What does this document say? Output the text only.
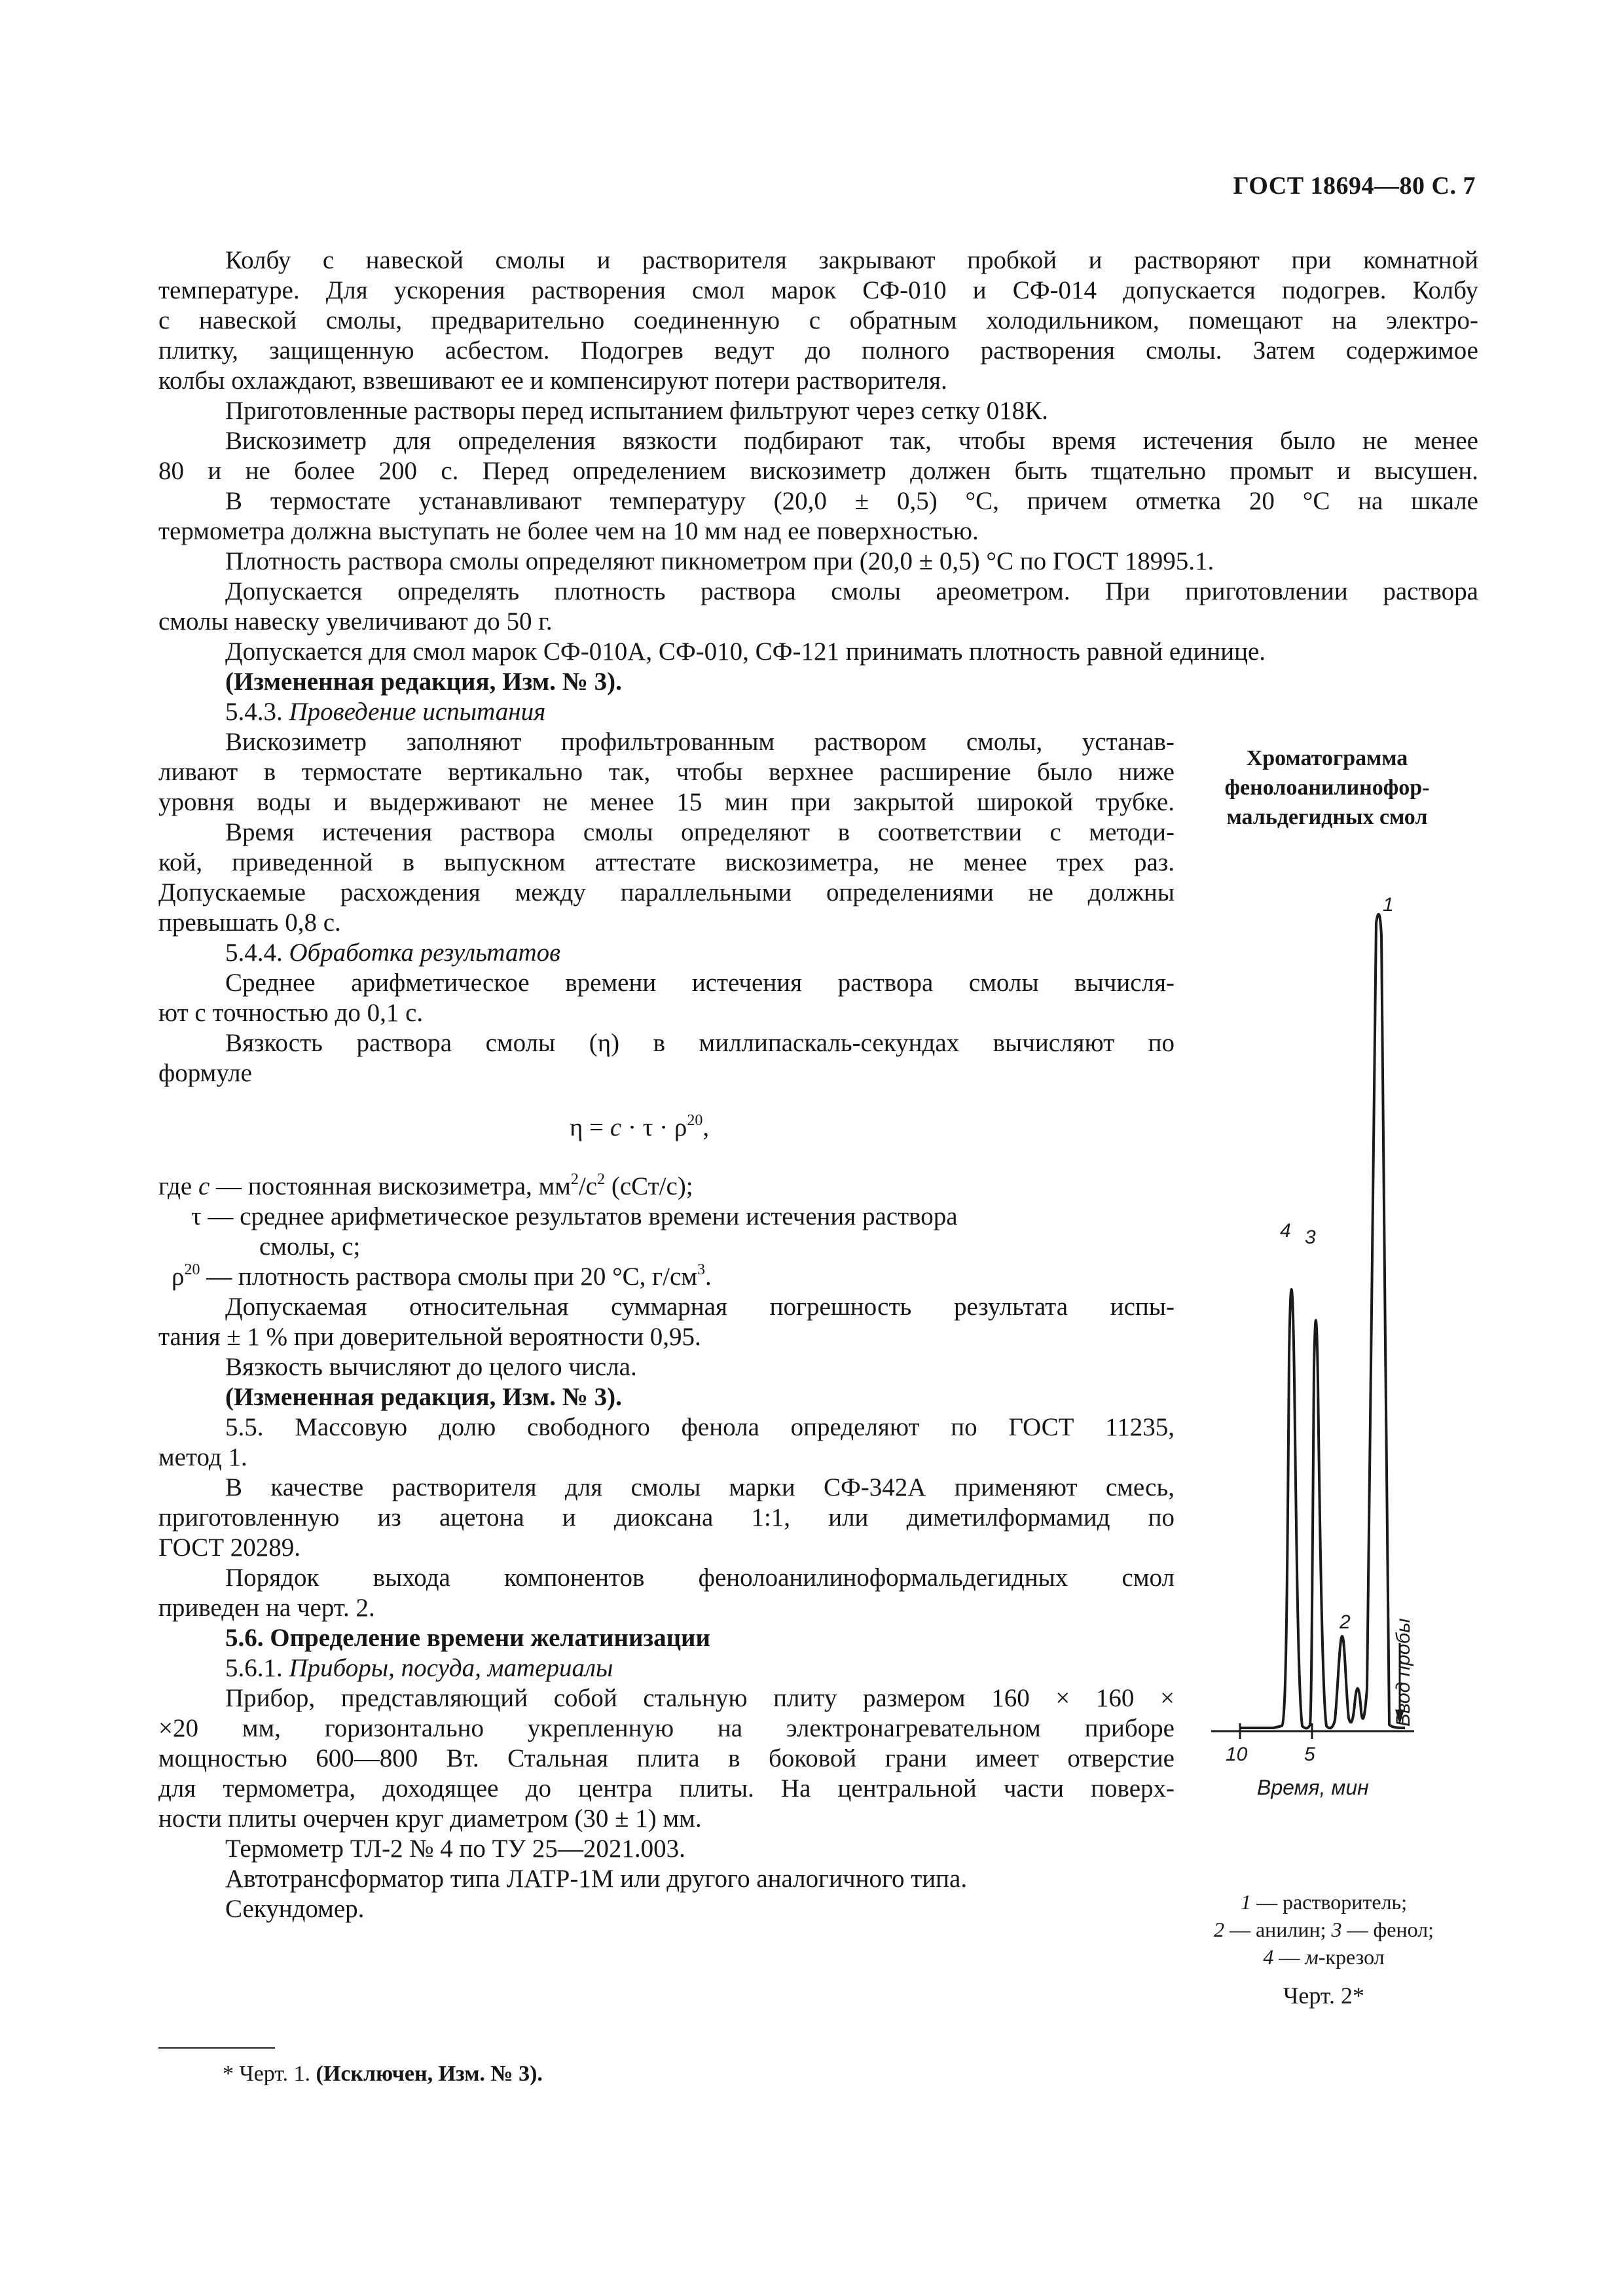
ГОСТ 18694—80 С. 7
Колбу с навеской смолы и растворителя закрывают пробкой и растворяют при комнатной
температуре. Для ускорения растворения смол марок СФ-010 и СФ-014 допускается подогрев. Колбу
с навеской смолы, предварительно соединенную с обратным холодильником, помещают на электро-
плитку, защищенную асбестом. Подогрев ведут до полного растворения смолы. Затем содержимое
колбы охлаждают, взвешивают ее и компенсируют потери растворителя.
Приготовленные растворы перед испытанием фильтруют через сетку 018К.
Вискозиметр для определения вязкости подбирают так, чтобы время истечения было не менее
80 и не более 200 с. Перед определением вискозиметр должен быть тщательно промыт и высушен.
В термостате устанавливают температуру (20,0 ± 0,5) °С, причем отметка 20 °С на шкале
термометра должна выступать не более чем на 10 мм над ее поверхностью.
Плотность раствора смолы определяют пикнометром при (20,0 ± 0,5) °С по ГОСТ 18995.1.
Допускается определять плотность раствора смолы ареометром. При приготовлении раствора
смолы навеску увеличивают до 50 г.
Допускается для смол марок СФ-010А, СФ-010, СФ-121 принимать плотность равной единице.
(Измененная редакция, Изм. № 3).
5.4.3. Проведение испытания
Вискозиметр заполняют профильтрованным раствором смолы, устанав-
ливают в термостате вертикально так, чтобы верхнее расширение было ниже
уровня воды и выдерживают не менее 15 мин при закрытой широкой трубке.
Время истечения раствора смолы определяют в соответствии с методи-
кой, приведенной в выпускном аттестате вискозиметра, не менее трех раз.
Допускаемые расхождения между параллельными определениями не должны
превышать 0,8 с.
5.4.4. Обработка результатов
Среднее арифметическое времени истечения раствора смолы вычисля-
ют с точностью до 0,1 с.
Вязкость раствора смолы (η) в миллипаскаль-секундах вычисляют по
формуле
$\eta = c \cdot \tau \cdot \rho^{20}$,
где c — постоянная вискозиметра, $мм^2/с^2$ (сСт/с);
τ — среднее арифметическое результатов времени истечения раствора
смолы, с;
$\rho^{20}$ — плотность раствора смолы при 20 °С, $г/см^3$.
Допускаемая относительная суммарная погрешность результата испы-
тания ± 1 % при доверительной вероятности 0,95.
Вязкость вычисляют до целого числа.
(Измененная редакция, Изм. № 3).
5.5. Массовую долю свободного фенола определяют по ГОСТ 11235,
метод 1.
В качестве растворителя для смолы марки СФ-342А применяют смесь,
приготовленную из ацетона и диоксана 1:1, или диметилформамид по
ГОСТ 20289.
Порядок выхода компонентов фенолоанилиноформальдегидных смол
приведен на черт. 2.
5.6. Определение времени желатинизации
5.6.1. Приборы, посуда, материалы
Прибор, представляющий собой стальную плиту размером 160 × 160 ×
×20 мм, горизонтально укрепленную на электронагревательном приборе
мощностью 600—800 Вт. Стальная плита в боковой грани имеет отверстие
для термометра, доходящее до центра плиты. На центральной части поверх-
ности плиты очерчен круг диаметром (30 ± 1) мм.
Термометр ТЛ-2 № 4 по ТУ 25—2021.003.
Автотрансформатор типа ЛАТР-1М или другого аналогичного типа.
Секундомер.
Хроматограмма
фенолоанилинофор-
мальдегидных смол
1
4 3
2 Ввод пробы
10	5
Время, мин
1 — растворитель;
2 — анилин; 3 — фенол;
4 — м-крезол
Черт. 2*
* Черт. 1. (Исключен, Изм. № 3).
